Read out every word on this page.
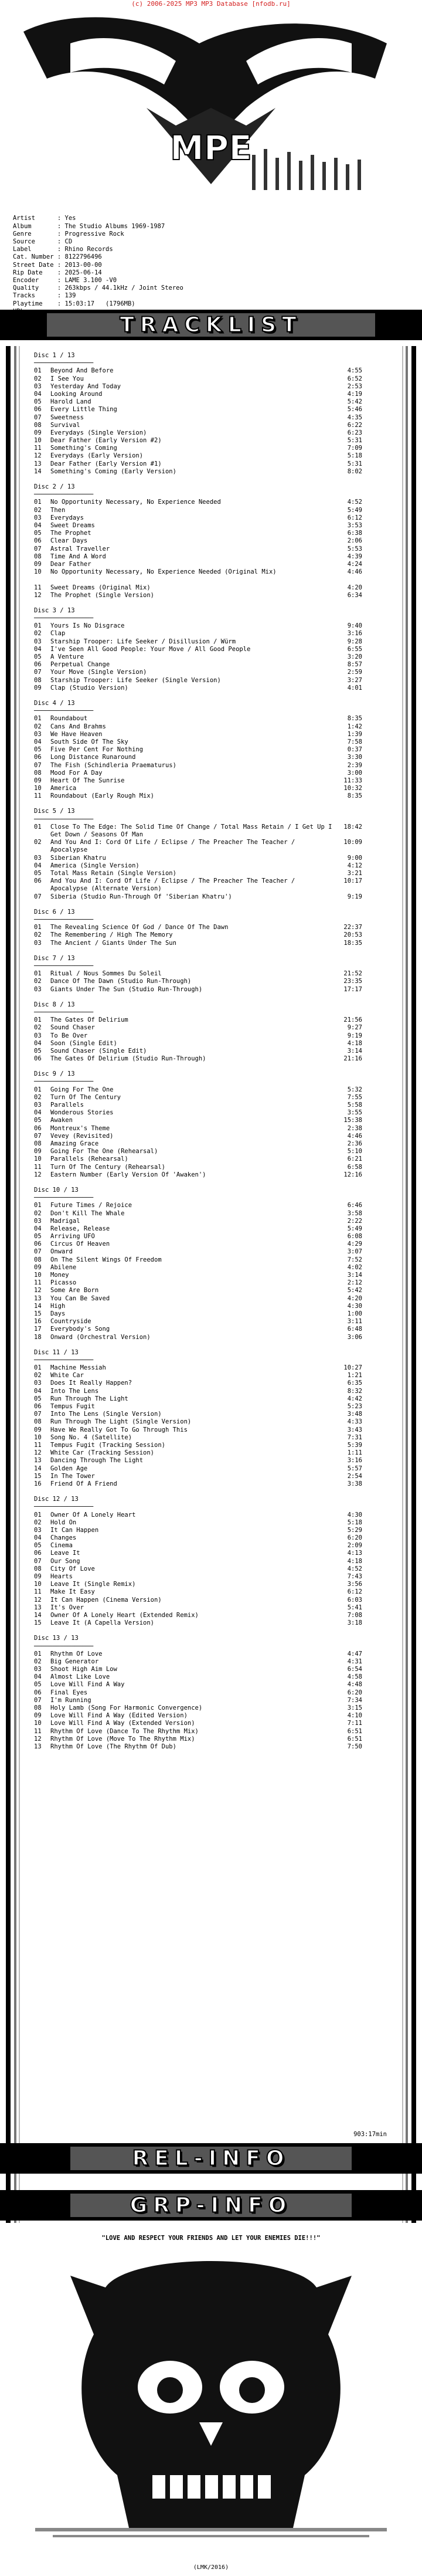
(c) 2006-2025 MP3 MP3 Database [nfodb.ru]
MPE

Artist      : Yes
Album       : The Studio Albums 1969-1987
Genre       : Progressive Rock
Source      : CD
Label       : Rhino Records
Cat. Number : 8122796496
Street Date : 2013-00-00
Rip Date    : 2025-06-14
Encoder     : LAME 3.100 -V0
Quality     : 263kbps / 44.1kHz / Joint Stereo
Tracks      : 139
Playtime    : 15:03:17   (1796MB)

TRACKLIST
Disc 1 / 13
────────────────
01	Beyond And Before	4:55
02	I See You	6:52
03	Yesterday And Today	2:53
04	Looking Around	4:19
05	Harold Land	5:42
06	Every Little Thing	5:46
07	Sweetness	4:35
08	Survival	6:22
09	Everydays (Single Version)	6:23
10	Dear Father (Early Version #2)	5:31
11	Something's Coming	7:09
12	Everydays (Early Version)	5:18
13	Dear Father (Early Version #1)	5:31
14	Something's Coming (Early Version)	8:02
Disc 2 / 13
────────────────
01	No Opportunity Necessary, No Experience Needed	4:52
02	Then	5:49
03	Everydays	6:12
04	Sweet Dreams	3:53
05	The Prophet	6:38
06	Clear Days	2:06
07	Astral Traveller	5:53
08	Time And A Word	4:39
09	Dear Father	4:24
10	No Opportunity Necessary, No Experience Needed (Original Mix)	4:46
11	Sweet Dreams (Original Mix)	4:20
12	The Prophet (Single Version)	6:34
Disc 3 / 13
────────────────
01	Yours Is No Disgrace	9:40
02	Clap	3:16
03	Starship Trooper: Life Seeker / Disillusion / Würm	9:28
04	I've Seen All Good People: Your Move / All Good People	6:55
05	A Venture	3:20
06	Perpetual Change	8:57
07	Your Move (Single Version)	2:59
08	Starship Trooper: Life Seeker (Single Version)	3:27
09	Clap (Studio Version)	4:01
Disc 4 / 13
────────────────
01	Roundabout	8:35
02	Cans And Brahms	1:42
03	We Have Heaven	1:39
04	South Side Of The Sky	7:58
05	Five Per Cent For Nothing	0:37
06	Long Distance Runaround	3:30
07	The Fish (Schindleria Praematurus)	2:39
08	Mood For A Day	3:00
09	Heart Of The Sunrise	11:33
10	America	10:32
11	Roundabout (Early Rough Mix)	8:35
Disc 5 / 13
────────────────
01	Close To The Edge: The Solid Time Of Change / Total Mass Retain / I Get Up I Get Down / Seasons Of Man
18:42
02	And You And I: Cord Of Life / Eclipse / The Preacher The Teacher / Apocalypse
10:09
03	Siberian Khatru	9:00
04	America (Single Version)	4:12
05	Total Mass Retain (Single Version)	3:21
06	And You And I: Cord Of Life / Eclipse / The Preacher The Teacher / Apocalypse (Alternate Version)
10:17
07	Siberia (Studio Run-Through Of 'Siberian Khatru')	9:19
Disc 6 / 13
────────────────
01	The Revealing Science Of God / Dance Of The Dawn	22:37
02	The Remembering / High The Memory	20:53
03	The Ancient / Giants Under The Sun	18:35
Disc 7 / 13
────────────────
01	Ritual / Nous Sommes Du Soleil	21:52
02	Dance Of The Dawn (Studio Run-Through)	23:35
03	Giants Under The Sun (Studio Run-Through)	17:17
Disc 8 / 13
────────────────
01	The Gates Of Delirium	21:56
02	Sound Chaser	9:27
03	To Be Over	9:19
04	Soon (Single Edit)	4:18
05	Sound Chaser (Single Edit)	3:14
06	The Gates Of Delirium (Studio Run-Through)	21:16
Disc 9 / 13
────────────────
01	Going For The One	5:32
02	Turn Of The Century	7:55
03	Parallels	5:58
04	Wonderous Stories	3:55
05	Awaken	15:38
06	Montreux's Theme	2:38
07	Vevey (Revisited)	4:46
08	Amazing Grace	2:36
09	Going For The One (Rehearsal)	5:10
10	Parallels (Rehearsal)	6:21
11	Turn Of The Century (Rehearsal)	6:58
12	Eastern Number (Early Version Of 'Awaken')	12:16
Disc 10 / 13
────────────────
01	Future Times / Rejoice	6:46
02	Don't Kill The Whale	3:58
03	Madrigal	2:22
04	Release, Release	5:49
05	Arriving UFO	6:08
06	Circus Of Heaven	4:29
07	Onward	3:07
08	On The Silent Wings Of Freedom	7:52
09	Abilene	4:02
10	Money	3:14
11	Picasso	2:12
12	Some Are Born	5:42
13	You Can Be Saved	4:20
14	High	4:30
15	Days	1:00
16	Countryside	3:11
17	Everybody's Song	6:48
18	Onward (Orchestral Version)	3:06
Disc 11 / 13
────────────────
01	Machine Messiah	10:27
02	White Car	1:21
03	Does It Really Happen?	6:35
04	Into The Lens	8:32
05	Run Through The Light	4:42
06	Tempus Fugit	5:23
07	Into The Lens (Single Version)	3:48
08	Run Through The Light (Single Version)	4:33
09	Have We Really Got To Go Through This	3:43
10	Song No. 4 (Satellite)	7:31
11	Tempus Fugit (Tracking Session)	5:39
12	White Car (Tracking Session)	1:11
13	Dancing Through The Light	3:16
14	Golden Age	5:57
15	In The Tower	2:54
16	Friend Of A Friend	3:38
Disc 12 / 13
────────────────
01	Owner Of A Lonely Heart	4:30
02	Hold On	5:18
03	It Can Happen	5:29
04	Changes	6:20
05	Cinema	2:09
06	Leave It	4:13
07	Our Song	4:18
08	City Of Love	4:52
09	Hearts	7:43
10	Leave It (Single Remix)	3:56
11	Make It Easy	6:12
12	It Can Happen (Cinema Version)	6:03
13	It's Over	5:41
14	Owner Of A Lonely Heart (Extended Remix)	7:08
15	Leave It (A Capella Version)	3:18
Disc 13 / 13
────────────────
01	Rhythm Of Love	4:47
02	Big Generator	4:31
03	Shoot High Aim Low	6:54
04	Almost Like Love	4:58
05	Love Will Find A Way	4:48
06	Final Eyes	6:20
07	I'm Running	7:34
08	Holy Lamb (Song For Harmonic Convergence)	3:15
09	Love Will Find A Way (Edited Version)	4:10
10	Love Will Find A Way (Extended Version)	7:11
11	Rhythm Of Love (Dance To The Rhythm Mix)	6:51
12	Rhythm Of Love (Move To The Rhythm Mix)	6:51
13	Rhythm Of Love (The Rhythm Of Dub)	7:50

903:17min

REL-INFO
GRP-INFO
"LOVE AND RESPECT YOUR FRIENDS AND LET YOUR ENEMIES DIE!!!"
(LMK/2016)
